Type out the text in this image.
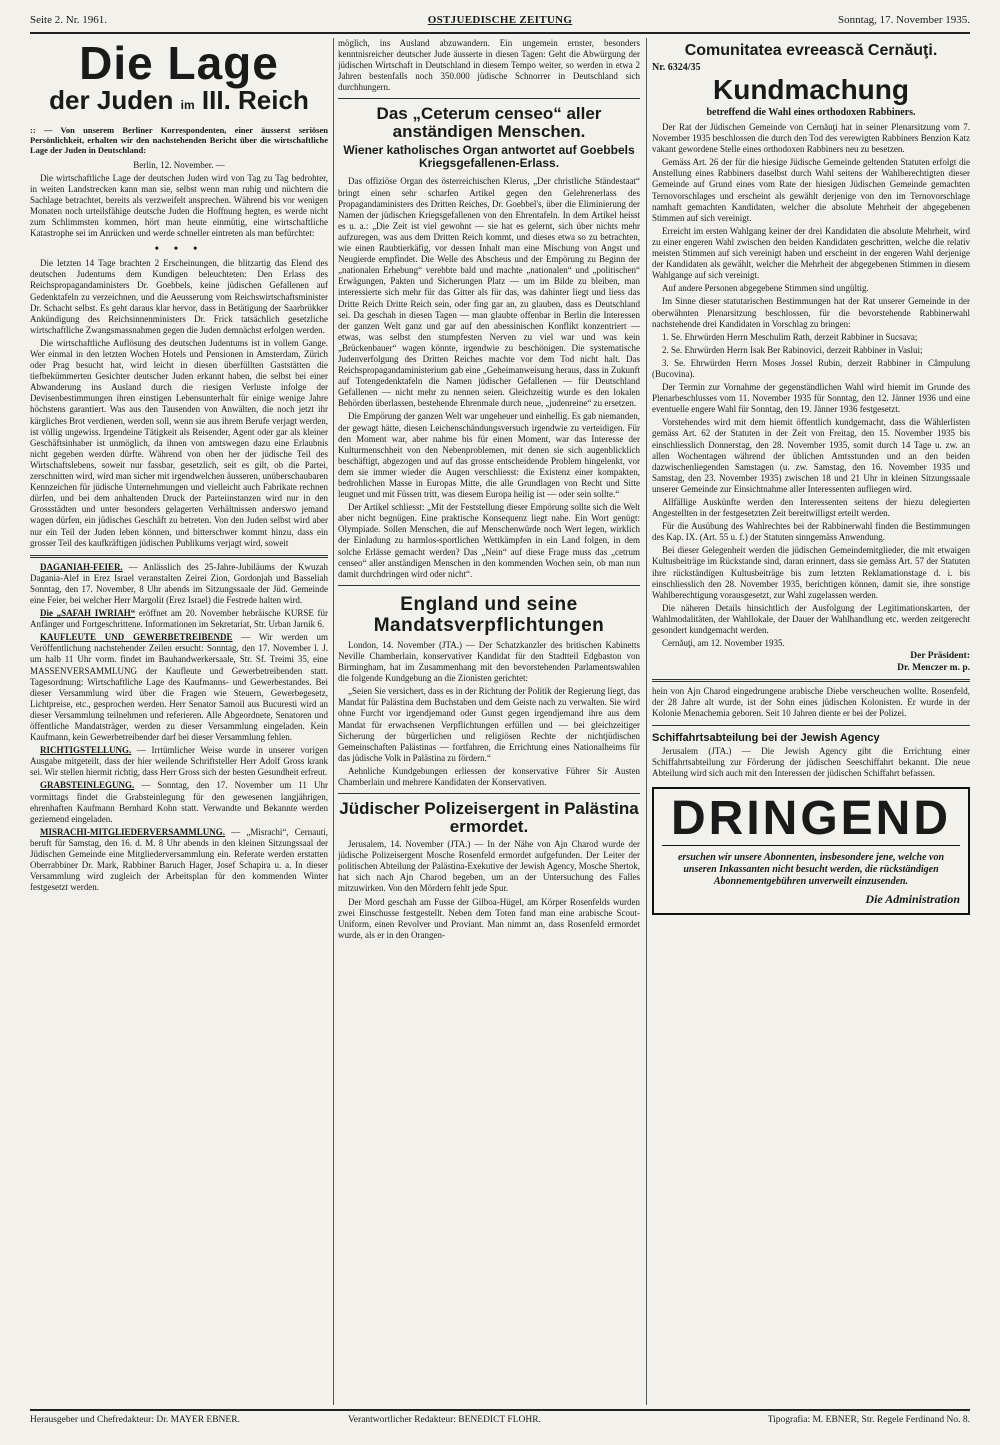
Seite 2. Nr. 1961.	OSTJUEDISCHE ZEITUNG	Sonntag, 17. November 1935.
Die Lage
der Juden im III. Reich

:: — Von unserem Berliner Korrespondenten, einer äusserst seriösen Persönlichkeit, erhalten wir den nachstehenden Bericht über die wirtschaftliche Lage der Juden in Deutschland:

Berlin, 12. November. —

Die wirtschaftliche Lage der deutschen Juden wird von Tag zu Tag bedrohter, in weiten Landstrecken kann man sie, selbst wenn man ruhig und nüchtern die Sachlage betrachtet, bereits als verzweifelt ansprechen. Während bis vor wenigen Monaten noch urteilsfähige deutsche Juden die Hoffnung hegten, es werde nicht zum Schlimmsten kommen, hört man heute einmütig, eine wirtschaftliche Katastrophe sei im Anrücken und werde schneller eintreten als man befürchtet:

• • •

Die letzten 14 Tage brachten 2 Erscheinungen, die blitzartig das Elend des deutschen Judentums dem Kundigen beleuchteten: Den Erlass des Reichspropagandaministers Dr. Goebbels, keine jüdischen Gefallenen auf Gedenktafeln zu verzeichnen, und die Aeusserung vom Reichswirtschaftsminister Dr. Schacht selbst. Es geht daraus klar hervor, dass in Betätigung der Saarbrükker Ankündigung des Reichsinnenministers Dr. Frick tatsächlich gesetzliche wirtschaftliche Zwangsmassnahmen gegen die Juden demnächst erfolgen werden.

Die wirtschaftliche Auflösung des deutschen Judentums ist in vollem Gange. Wer einmal in den letzten Wochen Hotels und Pensionen in Amsterdam, Zürich oder Prag besucht hat, wird leicht in diesen überfüllten Gaststätten die tiefbekümmerten Gesichter deutscher Juden erkannt haben, die selbst bei einer Abwanderung ins Ausland durch die riesigen Verluste infolge der Devisenbestimmungen ihren einstigen Lebensunterhalt für einige wenige Jahre höchstens garantiert. Was aus den Tausenden von Anwälten, die noch jetzt ihr kärgliches Brot verdienen, werden soll, wenn sie aus ihrem Berufe verjagt werden, ist völlig ungewiss. Irgendeine Tätigkeit als Reisender, Agent oder gar als kleiner Geschäftsinhaber ist unmöglich, da ihnen von amtswegen dazu eine Erlaubnis nicht gegeben werden dürfte. Während von oben her der jüdische Teil des Wirtschaftslebens, soweit nur fassbar, gesetzlich, seit es gilt, ob die Partei, zerschnitten wird, wird man sicher mit irgendwelchen äusseren, unüberschaubaren Kennzeichen für jüdische Unternehmungen und vielleicht auch Fabrikate rechnen dürfen, und bei dem anhaltenden Druck der Parteiinstanzen wird nur in den Grossstädten und unter besonders gelagerten Verhältnissen anderswo jemand wagen dürfen, ein jüdisches Geschäft zu betreten. Von den Juden selbst wird aber nur ein Teil der Juden leben können, und bitterschwer kommt hinzu, dass ein grosser Teil des kaufkräftigen jüdischen Publikums verjagt wird, soweit

DAGANIAH-FEIER. — Anlässlich des 25-Jahre-Jubiläums der Kwuzah Dagania-Alef in Erez Israel veranstalten Zeirei Zion, Gordonjah und Basseliah Sonntag, den 17. November, 8 Uhr abends im Sitzungssaale der Jüd. Gemeinde eine Feier, bei welcher Herr Margolit (Erez Israel) die Festrede halten wird.

Die „SAFAH IWRIAH“ eröffnet am 20. November hebräische KURSE für Anfänger und Fortgeschrittene. Informationen im Sekretariat, Str. Urban Jarnik 6.

KAUFLEUTE UND GEWERBETREIBENDE — Wir werden um Veröffentlichung nachstehender Zeilen ersucht: Sonntag, den 17. November l. J. um halb 11 Uhr vorm. findet im Bauhandwerkersaale, Str. Sf. Treimi 35, eine MASSENVERSAMMLUNG der Kaufleute und Gewerbetreibenden statt. Tagesordnung: Wirtschaftliche Lage des Kaufmanns- und Gewerbestandes. Bei dieser Versammlung wird über die Fragen wie Steuern, Gewerbegesetz, Lichtpreise, etc., gesprochen werden. Herr Senator Samoil aus Bucuresti wird an dieser Versammlung teilnehmen und referieren. Alle Abgeordnete, Senatoren und öffentliche Mandatsträger, werden zu dieser Versammlung eingeladen. Kein Kaufmann, kein Gewerbetreibender darf bei dieser Versammlung fehlen.

RICHTIGSTELLUNG. — Irrtümlicher Weise wurde in unserer vorigen Ausgabe mitgeteilt, dass der hier weilende Schriftsteller Herr Adolf Gross krank sei. Wir stellen hiermit richtig, dass Herr Gross sich der besten Gesundheit erfreut.

GRABSTEINLEGUNG. — Sonntag, den 17. November um 11 Uhr vormittags findet die Grabsteinlegung für den gewesenen langjährigen, ehrenhaften Kaufmann Bernhard Kohn statt. Verwandte und Bekannte werden geziemend eingeladen.

MISRACHI-MITGLIEDERVERSAMMLUNG. — „Misrachi“, Cernauti, beruft für Samstag, den 16. d. M. 8 Uhr abends in den kleinen Sitzungssaal der Jüdischen Gemeinde eine Mitgliederversammlung ein. Referate werden erstatten Oberrabbiner Dr. Mark, Rabbiner Baruch Hager, Josef Schapira u. a. In dieser Versammlung wird zugleich der Arbeitsplan für den kommenden Winter festgesetzt werden.

möglich, ins Ausland abzuwandern. Ein ungemein ernster, besonders kenntnisreicher deutscher Jude äusserte in diesen Tagen: Geht die Abwürgung der jüdischen Wirtschaft in Deutschland in diesem Tempo weiter, so werden in etwa 2 Jahren bestenfalls noch 350.000 jüdische Schnorrer in Deutschland sich durchhungern.

Das „Ceterum censeo“ aller anständigen Menschen.
Wiener katholisches Organ antwortet auf Goebbels Kriegsgefallenen-Erlass.

Das offiziöse Organ des österreichischen Klerus, „Der christliche Ständestaat“ bringt einen sehr scharfen Artikel gegen den Gelehrenerlass des Propagandaministers des Dritten Reiches, Dr. Goebbel's, über die Eliminierung der Namen der jüdischen Kriegsgefallenen von den Ehrentafeln. In dem Artikel heisst es u. a.: „Die Zeit ist viel gewohnt — sie hat es gelernt, sich über nichts mehr aufzuregen, was aus dem Dritten Reich kommt, und dieses etwa so zu betrachten, wie einen Raubtierkäfig, vor dessen Inhalt man eine Mischung von Angst und Neugierde empfindet. Die Welle des Abscheus und der Empörung zu Beginn der „nationalen Erhebung“ verebbte bald und machte „nationalen“ und „politischen“ Erwägungen, Pakten und Sicherungen Platz — um im Bilde zu bleiben, man interessierte sich mehr für das Gitter als für das, was dahinter liegt und liess das Dritte Reich Dritte Reich sein, oder fing gar an, zu glauben, dass es Deutschland sei. Da geschah in diesen Tagen — man glaubte offenbar in Berlin die Interessen der ganzen Welt ganz und gar auf den abessinischen Konflikt konzentriert — etwas, was selbst den stumpfesten Nerven zu viel war und was kein „Brückenbauer“ wagen könnte, irgendwie zu beschönigen. Die systematische Judenverfolgung des Dritten Reiches machte vor dem Tod nicht halt. Das Reichspropagandaministerium gab eine „Geheimanweisung heraus, dass in Zukunft auf Totengedenktafeln die Namen jüdischer Gefallenen — für Deutschland Gefallenen — nicht mehr zu nennen seien. Gleichzeitig wurde es den lokalen Behörden überlassen, bestehende Ehrenmale durch neue, „judenreine“ zu ersetzen.

Die Empörung der ganzen Welt war ungeheuer und einhellig. Es gab niemanden, der gewagt hätte, diesen Leichenschändungsversuch irgendwie zu verteidigen. Für den Moment war, aber nahme bis für einen Moment, war das Interesse der Kulturmenschheit von den Nebenproblemen, mit denen sie sich augenblicklich beschäftigt, abgezogen und auf das grosse entscheidende Problem hingelenkt, vor dem sie immer wieder die Augen verschliesst: die Existenz einer kompakten, bedrohlichen Masse in Europas Mitte, die alle Grundlagen von Recht und Sitte leugnet und mit Füssen tritt, was diesem Europa heilig ist — oder sein sollte.“

Der Artikel schliesst: „Mit der Feststellung dieser Empörung sollte sich die Welt aber nicht begnügen. Eine praktische Konsequenz liegt nahe. Ein Wort genügt: Olympiade. Sollen Menschen, die auf Menschenwürde noch Wert legen, wirklich der Einladung zu harmlos-sportlichen Wettkämpfen in ein Land folgen, in dem solche Erlässe gemacht werden? Das „Nein“ auf diese Frage muss das „cetrum censeo“ aller anständigen Menschen in den kommenden Wochen sein, ob man nun damit durchdringen wird oder nicht“.

England und seine Mandatsverpflichtungen

London, 14. November (JTA.) — Der Schatzkanzler des britischen Kabinetts Neville Chamberlain, konservativer Kandidat für den Stadtteil Edgbaston von Birmingham, hat im Zusammenhang mit den bevorstehenden Parlamentswahlen die folgende Kundgebung an die Zionisten gerichtet:

„Seien Sie versichert, dass es in der Richtung der Politik der Regierung liegt, das Mandat für Palästina dem Buchstaben und dem Geiste nach zu verwalten. Sie wird ohne Furcht vor irgendjemand oder Gunst gegen irgendjemand ihre aus dem Mandat für erwachsenen Verpflichtungen erfüllen und — bei gleichzeitiger Sicherung der bürgerlichen und religiösen Rechte der nichtjüdischen Gemeinschaften Palästinas — fortfahren, die Errichtung eines Nationalheims für das jüdische Volk in Palästina zu fördern.“

Aehnliche Kundgebungen erliessen der konservative Führer Sir Austen Chamberlain und mehrere Kandidaten der Konservativen.

Jüdischer Polizeisergent in Palästina ermordet.

Jerusalem, 14. November (JTA.) — In der Nähe von Ajn Charod wurde der jüdische Polizeisergent Mosche Rosenfeld ermordet aufgefunden. Der Leiter der politischen Abteilung der Palästina-Exekutive der Jewish Agency, Mosche Shertok, hat sich nach Ajn Charod begeben, um an der Untersuchung des Falles mitzuwirken. Von den Mördern fehlt jede Spur.

Der Mord geschah am Fusse der Gilboa-Hügel, am Körper Rosenfelds wurden zwei Einschusse festgestellt. Neben dem Toten fand man eine arabische Scout-Uniform, einen Revolver und Proviant. Man nimmt an, dass Rosenfeld ermordet wurde, als er in den Orangen-

Comunitatea evreească Cernăuţi.
Nr. 6324/35
Kundmachung
betreffend die Wahl eines orthodoxen Rabbiners.

Der Rat der Jüdischen Gemeinde von Cernăuţi hat in seiner Plenarsitzung vom 7. November 1935 beschlossen die durch den Tod des verewigten Rabbiners Benzion Katz vakant gewordene Stelle eines orthodoxen Rabbiners neu zu besetzen.

Gemäss Art. 26 der für die hiesige Jüdische Gemeinde geltenden Statuten erfolgt die Anstellung eines Rabbiners daselbst durch Wahl seitens der Wahlberechtigten dieser Gemeinde auf Grund eines vom Rate der hiesigen Jüdischen Gemeinde gemachten Ternovorschlages und erscheint als gewählt derjenige von den im Ternovorschlage namhaft gemachten Kandidaten, welcher die absolute Mehrheit der abgegebenen Stimmen auf sich vereinigt.

Erreicht im ersten Wahlgang keiner der drei Kandidaten die absolute Mehrheit, wird zu einer engeren Wahl zwischen den beiden Kandidaten geschritten, welche die relativ meisten Stimmen auf sich vereinigt haben und erscheint in der engeren Wahl derjenige der Kandidaten als gewählt, welcher die Mehrheit der abgegebenen Stimmen in diesem Wahlgange auf sich vereinigt.

Auf andere Personen abgegebene Stimmen sind ungültig.

Im Sinne dieser statutarischen Bestimmungen hat der Rat unserer Gemeinde in der oberwähnten Plenarsitzung beschlossen, für die bevorstehende Rabbinerwahl nachstehende drei Kandidaten in Vorschlag zu bringen:

1. Se. Ehrwürden Herrn Meschulim Rath, derzeit Rabbiner in Sucsava;

2. Se. Ehrwürden Herrn Isak Ber Rabinovici, derzeit Rabbiner in Vaslui;

3. Se. Ehrwürden Herrn Moses Jossel Rubin, derzeit Rabbiner in Câmpulung (Bucovina).

Der Termin zur Vornahme der gegenständlichen Wahl wird hiemit im Grunde des Plenarbeschlusses vom 11. November 1935 für Sonntag, den 12. Jänner 1936 und eine eventuelle engere Wahl für Sonntag, den 19. Jänner 1936 festgesetzt.

Vorstehendes wird mit dem hiemit öffentlich kundgemacht, dass die Wählerlisten gemäss Art. 62 der Statuten in der Zeit von Freitag, den 15. November 1935 bis einschliesslich Donnerstag, den 28. November 1935, somit durch 14 Tage u. zw. an allen Wochentagen während der üblichen Amtsstunden und an den beiden dazwischenliegenden Samstagen (u. zw. Samstag, den 16. November 1935 und Samstag, den 23. November 1935) zwischen 18 und 21 Uhr in kleinen Sitzungssaale unserer Gemeinde zur Einsichtnahme aller Interessenten aufliegen wird.

Allfällige Auskünfte werden den Interessenten seitens der hiezu delegierten Angestellten in der festgesetzten Zeit bereitwilligst erteilt werden.

Für die Ausübung des Wahlrechtes bei der Rabbinerwahl finden die Bestimmungen des Kap. IX. (Art. 55 u. f.) der Statuten sinngemäss Anwendung.

Bei dieser Gelegenheit werden die jüdischen Gemeindemitglieder, die mit etwaigen Kultusbeiträge im Rückstande sind, daran erinnert, dass sie gemäss Art. 57 der Statuten ihre rückständigen Kultusbeiträge bis zum letzten Reklamationstage d. i. bis einschliesslich den 28. November 1935, berichtigen können, damit sie, ihre sonstige Wahlberechtigung vorausgesetzt, zur Wahl zugelassen werden.

Die näheren Details hinsichtlich der Ausfolgung der Legitimationskarten, der Wahlmodalitäten, der Wahllokale, der Dauer der Wahlhandlung etc. werden zeitgerecht gesondert kundgemacht werden.

Cernăuţi, am 12. November 1935.

Der Präsident:
Dr. Menczer m. p.

hein von Ajn Charod eingedrungene arabische Diebe verscheuchen wollte. Rosenfeld, der 28 Jahre alt wurde, ist der Sohn eines jüdischen Kolonisten. Er wurde in der Kolonie Menachemia geboren. Seit 10 Jahren diente er bei der Polizei.

Schiffahrtsabteilung bei der Jewish Agency

Jerusalem (JTA.) — Die Jewish Agency gibt die Errichtung einer Schiffahrtsabteilung zur Förderung der jüdischen Seeschiffahrt bekannt. Die neue Abteilung wird sich auch mit den Interessen der jüdischen Schiffahrt befassen.

DRINGEND
ersuchen wir unsere Abonnenten, insbesondere jene, welche von unseren Inkassanten nicht besucht werden, die rückständigen Abonnementgebühren unverweilt einzusenden.
Die Administration
Herausgeber und Chefredakteur: Dr. MAYER EBNER.	Verantwortlicher Redakteur: BENEDICT FLOHR.	Tipografia: M. EBNER, Str. Regele Ferdinand No. 8.
